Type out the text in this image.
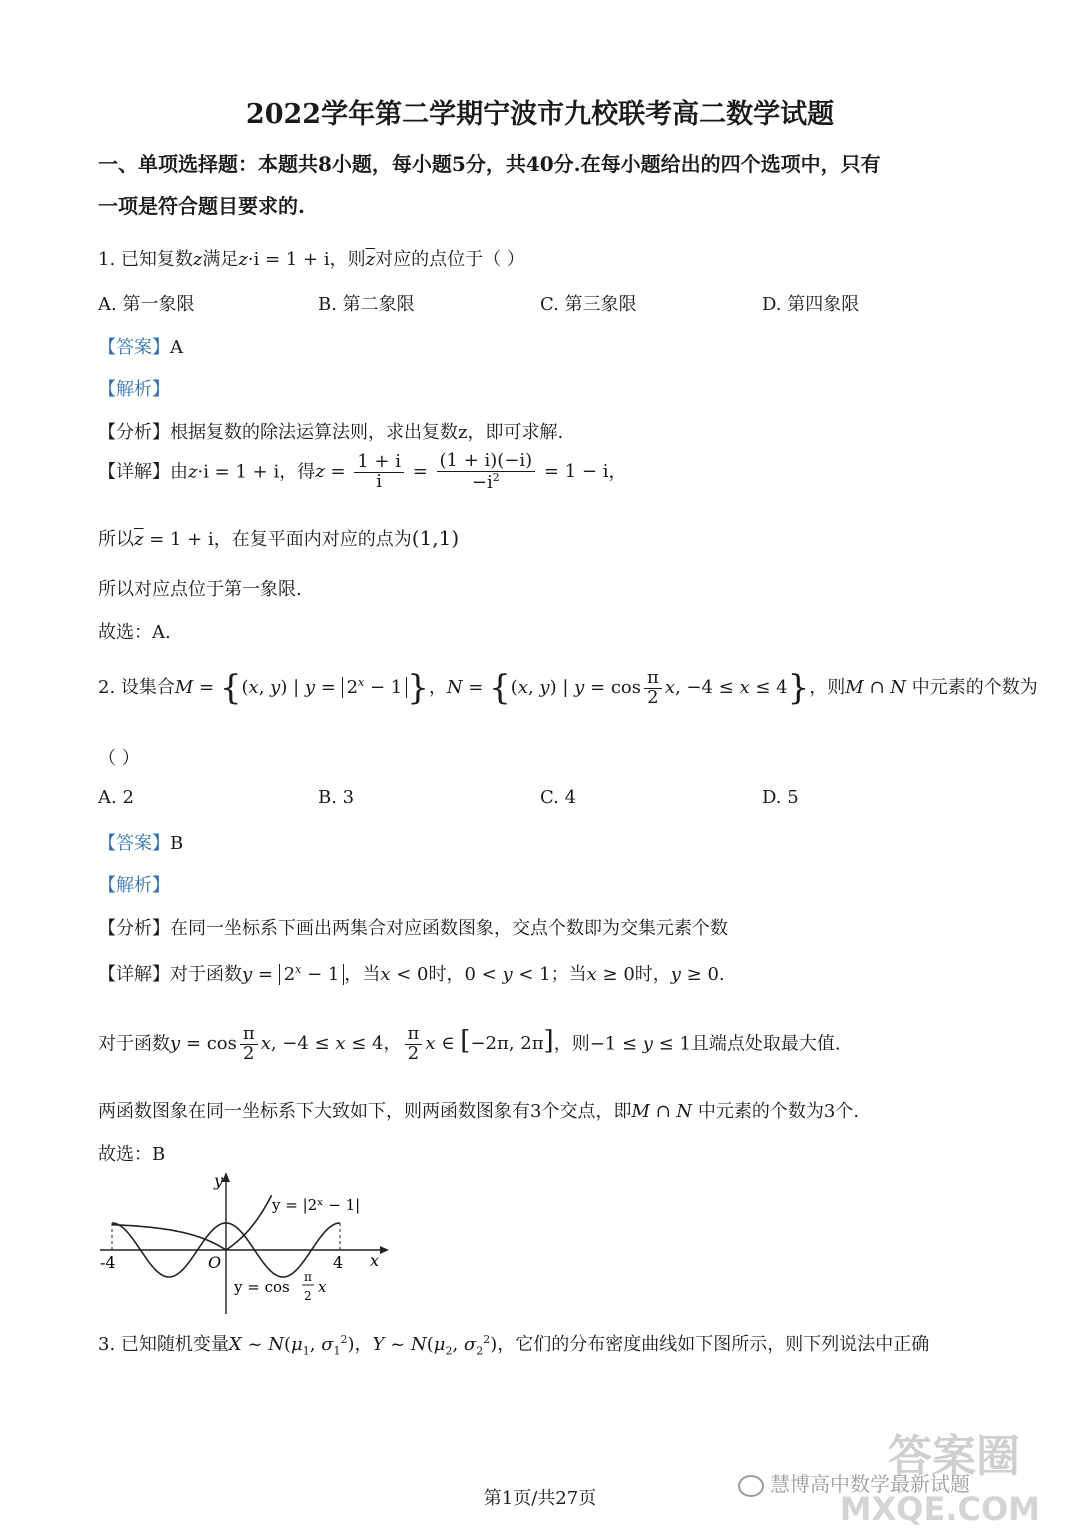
2022学年第二学期宁波市九校联考高二数学试题
一、单项选择题：本题共8小题，每小题5分，共40分.在每小题给出的四个选项中，只有
一项是符合题目要求的.
1. 已知复数z满足z·i = 1 + i，则$\overline{z}$对应的点位于（ ）
A. 第一象限	B. 第二象限	C. 第三象限	D. 第四象限
【答案】A
【解析】
【分析】根据复数的除法运算法则，求出复数z，即可求解.
【详解】由z·i = 1 + i，得$z = \frac{1 + i}{i} = \frac{(1 + i)(-i)}{-i^2} = 1 - i$，
所以$\overline{z} = 1 + i$，在复平面内对应的点为(1,1)
所以对应点位于第一象限.
故选：A.
2. 设集合M = {(x, y) | $y = 2^x - 1$ }，N = {(x, y) | $y = \cos \frac{\pi}{2} x$, −4 ≤ x ≤ 4}，则M ∩ N 中元素的个数为
（ ）
A. 2	B. 3	C. 4	D. 5
【答案】B
【解析】
【分析】在同一坐标系下画出两集合对应函数图象，交点个数即为交集元素个数
【详解】对于函数$y = 2^x - 1$ ，当x < 0时，0 < y < 1；当x ≥ 0时，y ≥ 0.
对于函数$y = \cos \frac{\pi}{2} x$, −4 ≤ x ≤ 4， $\frac{\pi}{2}$ x ∈ [−2π, 2π]，则−1 ≤ y ≤ 1且端点处取最大值.
两函数图象在同一坐标系下大致如下，则两函数图象有3个交点，即M ∩ N 中元素的个数为3个.
故选：B
y
x
O
-4	4
y = |2ˣ − 1|
y = cos
π
2 x
3. 已知随机变量X ~ $N(\mu_1$, $\sigma_1^2$)，Y ~ $N(\mu_2$, $\sigma_2^2$)，它们的分布密度曲线如下图所示，则下列说法中正确
答案圈
MXQE.COM
慧博高中数学最新试题
第1页/共27页
